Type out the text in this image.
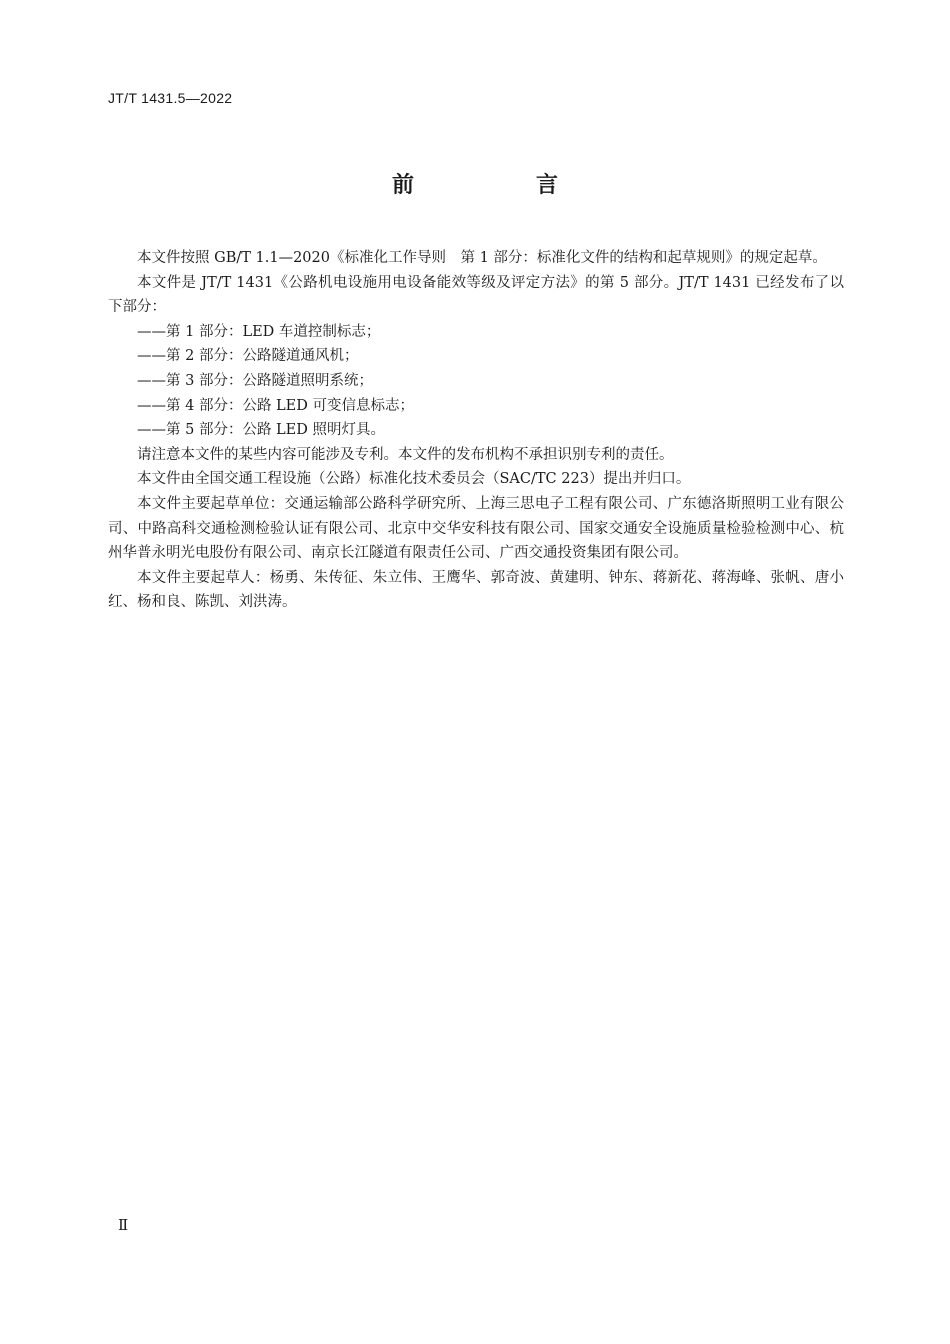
JT/T 1431.5—2022
前　言

本文件按照 GB/T 1.1—2020《标准化工作导则　第 1 部分：标准化文件的结构和起草规则》的规定起草。

本文件是 JT/T 1431《公路机电设施用电设备能效等级及评定方法》的第 5 部分。JT/T 1431 已经发布了以下部分：

——第 1 部分：LED 车道控制标志；

——第 2 部分：公路隧道通风机；

——第 3 部分：公路隧道照明系统；

——第 4 部分：公路 LED 可变信息标志；

——第 5 部分：公路 LED 照明灯具。

请注意本文件的某些内容可能涉及专利。本文件的发布机构不承担识别专利的责任。

本文件由全国交通工程设施（公路）标准化技术委员会（SAC/TC 223）提出并归口。

本文件主要起草单位：交通运输部公路科学研究所、上海三思电子工程有限公司、广东德洛斯照明工业有限公司、中路高科交通检测检验认证有限公司、北京中交华安科技有限公司、国家交通安全设施质量检验检测中心、杭州华普永明光电股份有限公司、南京长江隧道有限责任公司、广西交通投资集团有限公司。

本文件主要起草人：杨勇、朱传征、朱立伟、王鹰华、郭奇波、黄建明、钟东、蒋新花、蒋海峰、张帆、唐小红、杨和良、陈凯、刘洪涛。

Ⅱ
